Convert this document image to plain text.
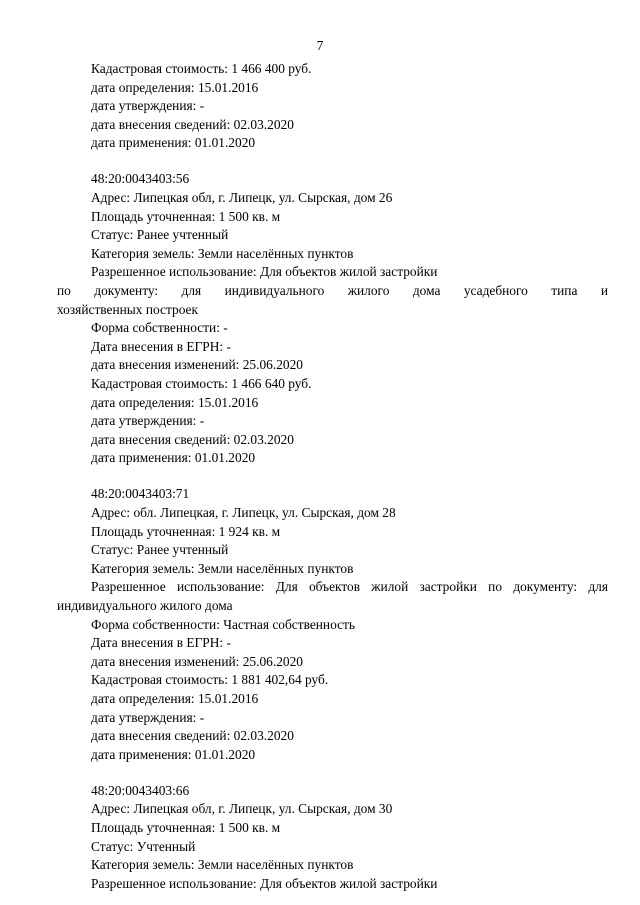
7
Кадастровая стоимость: 1 466 400 руб.
дата определения: 15.01.2016
дата утверждения: -
дата внесения сведений: 02.03.2020
дата применения: 01.01.2020
48:20:0043403:56
Адрес: Липецкая обл, г. Липецк, ул. Сырская, дом 26
Площадь уточненная: 1 500 кв. м
Статус: Ранее учтенный
Категория земель: Земли населённых пунктов
Разрешенное использование: Для объектов жилой застройки
по документу: для индивидуального жилого дома усадебного типа и
хозяйственных построек
Форма собственности: -
Дата внесения в ЕГРН: -
дата внесения изменений: 25.06.2020
Кадастровая стоимость: 1 466 640 руб.
дата определения: 15.01.2016
дата утверждения: -
дата внесения сведений: 02.03.2020
дата применения: 01.01.2020
48:20:0043403:71
Адрес: обл. Липецкая, г. Липецк, ул. Сырская, дом 28
Площадь уточненная: 1 924 кв. м
Статус: Ранее учтенный
Категория земель: Земли населённых пунктов
Разрешенное использование: Для объектов жилой застройки по документу: для
индивидуального жилого дома
Форма собственности: Частная собственность
Дата внесения в ЕГРН: -
дата внесения изменений: 25.06.2020
Кадастровая стоимость: 1 881 402,64 руб.
дата определения: 15.01.2016
дата утверждения: -
дата внесения сведений: 02.03.2020
дата применения: 01.01.2020
48:20:0043403:66
Адрес: Липецкая обл, г. Липецк, ул. Сырская, дом 30
Площадь уточненная: 1 500 кв. м
Статус: Учтенный
Категория земель: Земли населённых пунктов
Разрешенное использование: Для объектов жилой застройки
